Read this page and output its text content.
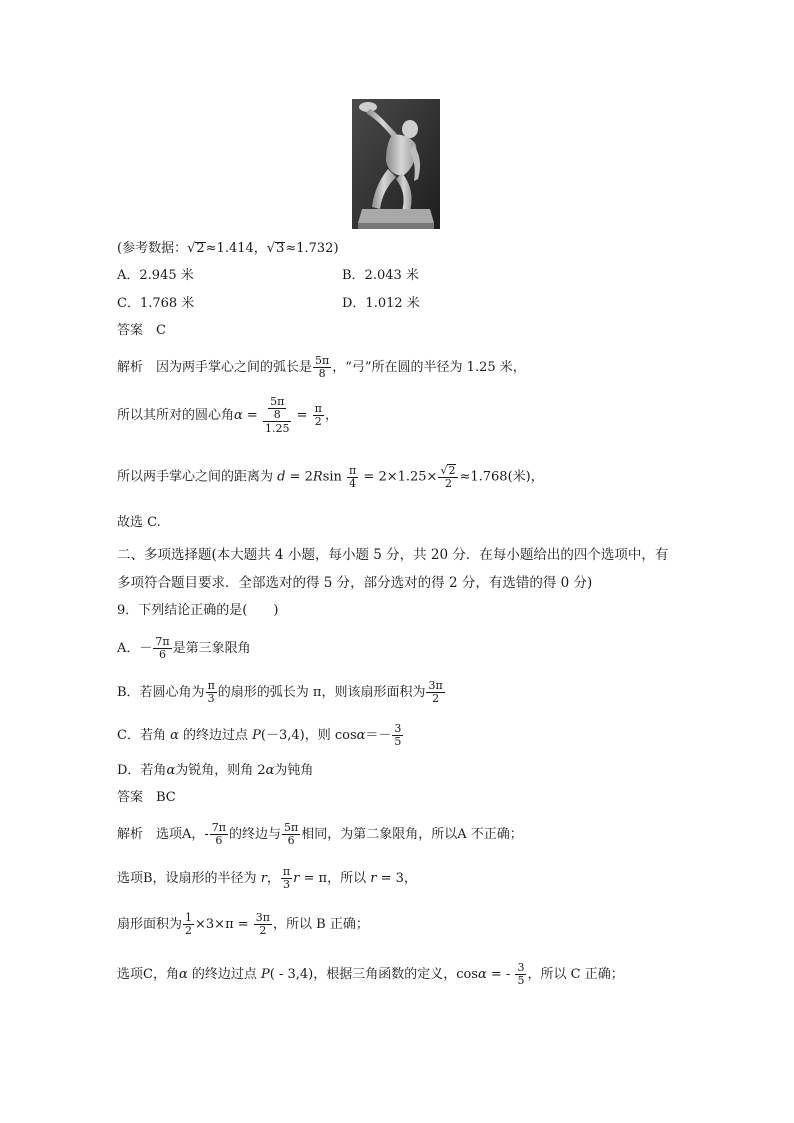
(参考数据：√2≈1.414，√3≈1.732)
A．2.945 米	B．2.043 米
C．1.768 米	D．1.012 米
答案　C
解析　因为两手掌心之间的弧长是 $\frac{5\pi}{8}$ ，“弓”所在圆的半径为 1.25 米，
所以其所对的圆心角$\alpha = \frac{\frac{5\pi}{8}}{1.25} = \frac{\pi}{2}$ ，
所以两手掌心之间的距离为 $d = 2Rsin \frac{\pi}{4} = 2\times 1.25\times \frac{√2}{2} \approx 1.768$(米)，
故选 C.
二、多项选择题(本大题共 4 小题，每小题 5 分，共 20 分．在每小题给出的四个选项中，有
多项符合题目要求．全部选对的得 5 分，部分选对的得 2 分，有选错的得 0 分)
9．下列结论正确的是(　　)
A．－ $\frac{7\pi}{6}$ 是第三象限角
B．若圆心角为 $\frac{\pi}{3}$ 的扇形的弧长为 π，则该扇形面积为 $\frac{3\pi}{2}$
C．若角 α 的终边过点 P(－3,4)，则 $\cos\alpha=- \frac{3}{5}$
D．若角α为锐角，则角 2α为钝角
答案　BC
解析　选项A，- $\frac{7\pi}{6}$ 的终边与 $\frac{5\pi}{6}$ 相同，为第二象限角，所以A 不正确；
选项B，设扇形的半径为 r， $\frac{\pi}{3}$ r = π，所以 r = 3，
扇形面积为 $\frac{1}{2} \times 3\times\pi = \frac{3\pi}{2}$ ，所以 B 正确；
选项C，角α 的终边过点 P( - 3,4)，根据三角函数的定义，cosα = - $\frac{3}{5}$ ，所以 C 正确；
